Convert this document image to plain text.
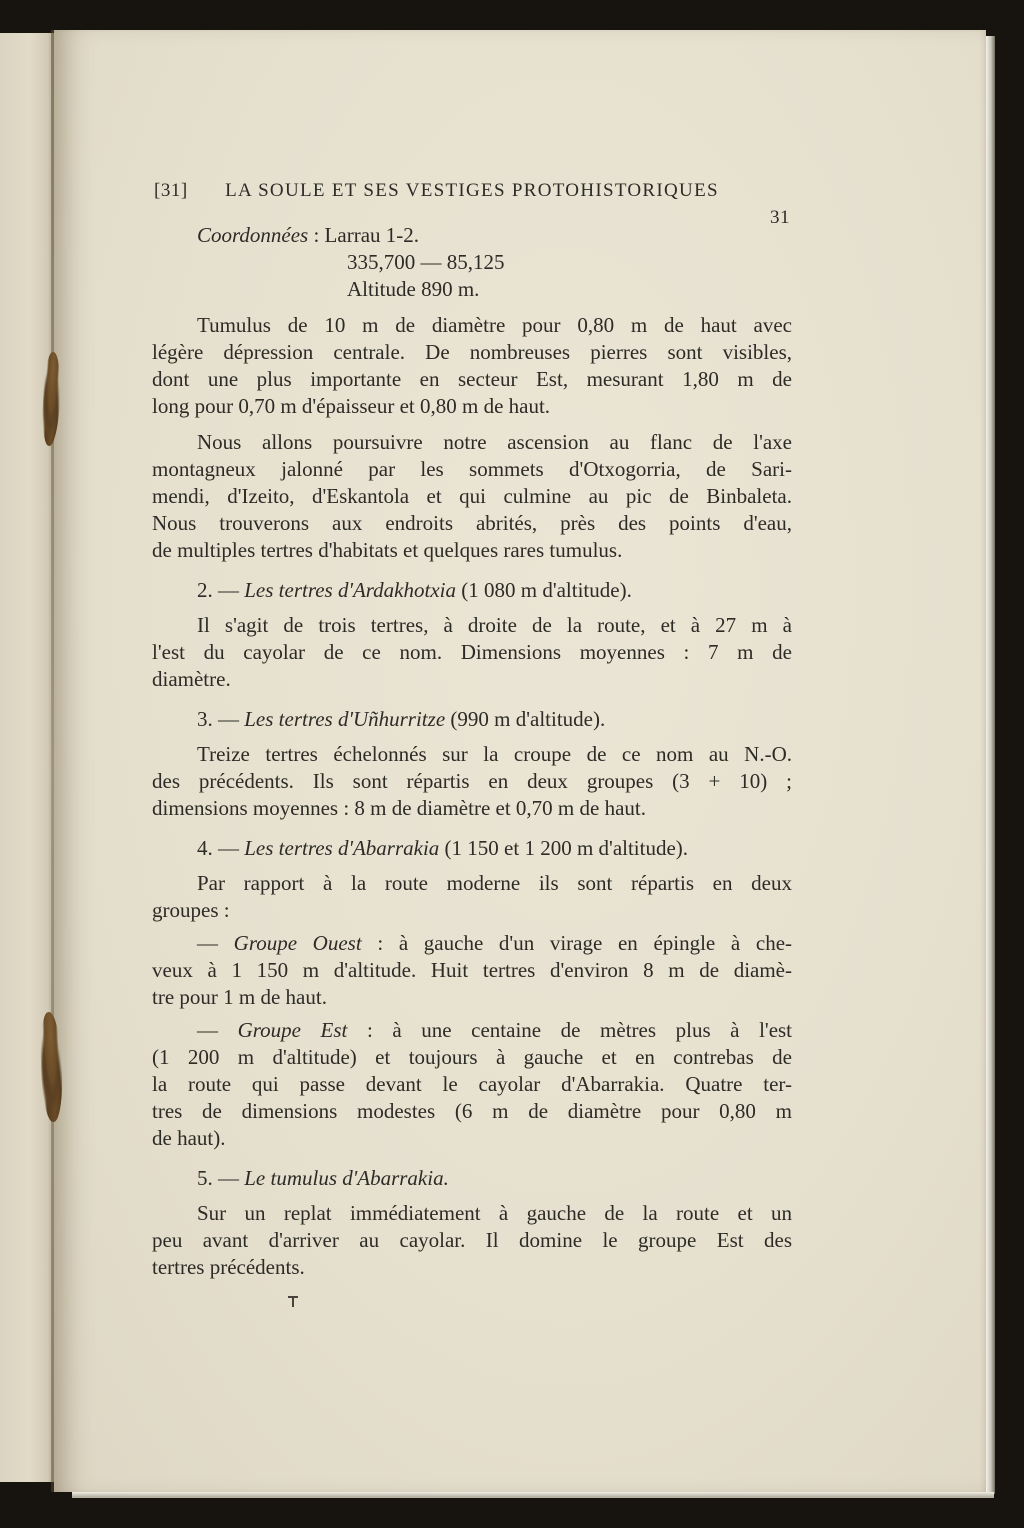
[31]	LA SOULE ET SES VESTIGES PROTOHISTORIQUES
31
Coordonnées : Larrau 1-2.
335,700 — 85,125
Altitude 890 m.
Tumulus de 10 m de diamètre pour 0,80 m de haut avec
légère dépression centrale. De nombreuses pierres sont visibles,
dont une plus importante en secteur Est, mesurant 1,80 m de
long pour 0,70 m d'épaisseur et 0,80 m de haut.
Nous allons poursuivre notre ascension au flanc de l'axe
montagneux jalonné par les sommets d'Otxogorria, de Sari-
mendi, d'Izeito, d'Eskantola et qui culmine au pic de Binbaleta.
Nous trouverons aux endroits abrités, près des points d'eau,
de multiples tertres d'habitats et quelques rares tumulus.
2. — Les tertres d'Ardakhotxia (1 080 m d'altitude).
Il s'agit de trois tertres, à droite de la route, et à 27 m à
l'est du cayolar de ce nom. Dimensions moyennes : 7 m de
diamètre.
3. — Les tertres d'Uñhurritze (990 m d'altitude).
Treize tertres échelonnés sur la croupe de ce nom au N.-O.
des précédents. Ils sont répartis en deux groupes (3 + 10) ;
dimensions moyennes : 8 m de diamètre et 0,70 m de haut.
4. — Les tertres d'Abarrakia (1 150 et 1 200 m d'altitude).
Par rapport à la route moderne ils sont répartis en deux
groupes :
— Groupe Ouest : à gauche d'un virage en épingle à che-
veux à 1 150 m d'altitude. Huit tertres d'environ 8 m de diamè-
tre pour 1 m de haut.
— Groupe Est : à une centaine de mètres plus à l'est
(1 200 m d'altitude) et toujours à gauche et en contrebas de
la route qui passe devant le cayolar d'Abarrakia. Quatre ter-
tres de dimensions modestes (6 m de diamètre pour 0,80 m
de haut).
5. — Le tumulus d'Abarrakia.
Sur un replat immédiatement à gauche de la route et un
peu avant d'arriver au cayolar. Il domine le groupe Est des
tertres précédents.
